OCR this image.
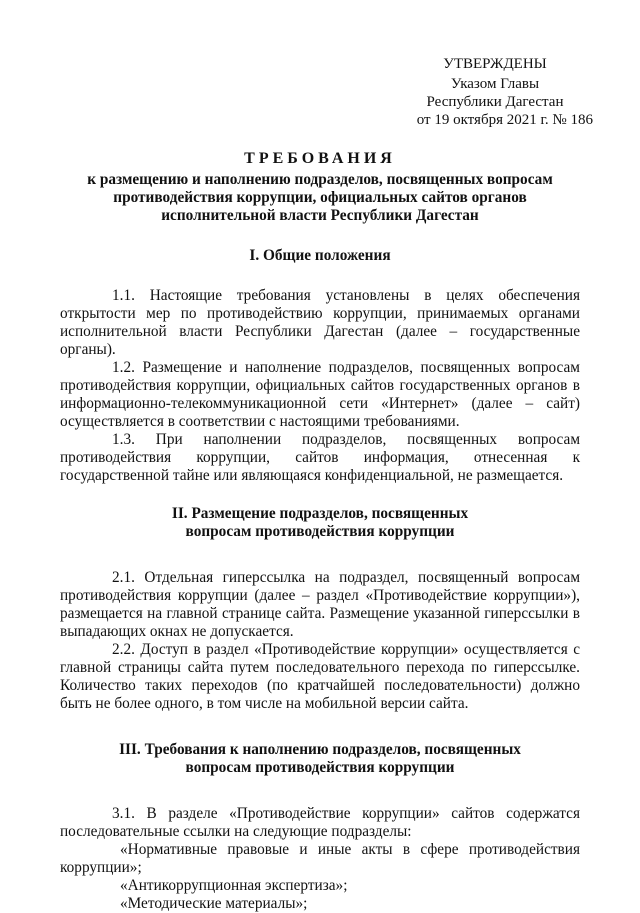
УТВЕРЖДЕНЫ
Указом Главы
Республики Дагестан
от 19 октября 2021 г. № 186
ТРЕБОВАНИЯ

к размещению и наполнению подразделов, посвященных вопросам противодействия коррупции, официальных сайтов органов исполнительной власти Республики Дагестан

I. Общие положения

1.1. Настоящие требования установлены в целях обеспечения открытости мер по противодействию коррупции, принимаемых органами исполнительной власти Республики Дагестан (далее – государственные органы).

1.2. Размещение и наполнение подразделов, посвященных вопросам противодействия коррупции, официальных сайтов государственных органов в информационно-телекоммуникационной сети «Интернет» (далее – сайт) осуществляется в соответствии с настоящими требованиями.

1.3. При наполнении подразделов, посвященных вопросам противодействия коррупции, сайтов информация, отнесенная к государственной тайне или являющаяся конфиденциальной, не размещается.

II. Размещение подразделов, посвященных

вопросам противодействия коррупции

2.1. Отдельная гиперссылка на подраздел, посвященный вопросам противодействия коррупции (далее – раздел «Противодействие коррупции»), размещается на главной странице сайта. Размещение указанной гиперссылки в выпадающих окнах не допускается.

2.2. Доступ в раздел «Противодействие коррупции» осуществляется с главной страницы сайта путем последовательного перехода по гиперссылке. Количество таких переходов (по кратчайшей последовательности) должно быть не более одного, в том числе на мобильной версии сайта.

III. Требования к наполнению подразделов, посвященных

вопросам противодействия коррупции

3.1. В разделе «Противодействие коррупции» сайтов содержатся последовательные ссылки на следующие подразделы:

«Нормативные правовые и иные акты в сфере противодействия коррупции»;

«Антикоррупционная экспертиза»;

«Методические материалы»;
